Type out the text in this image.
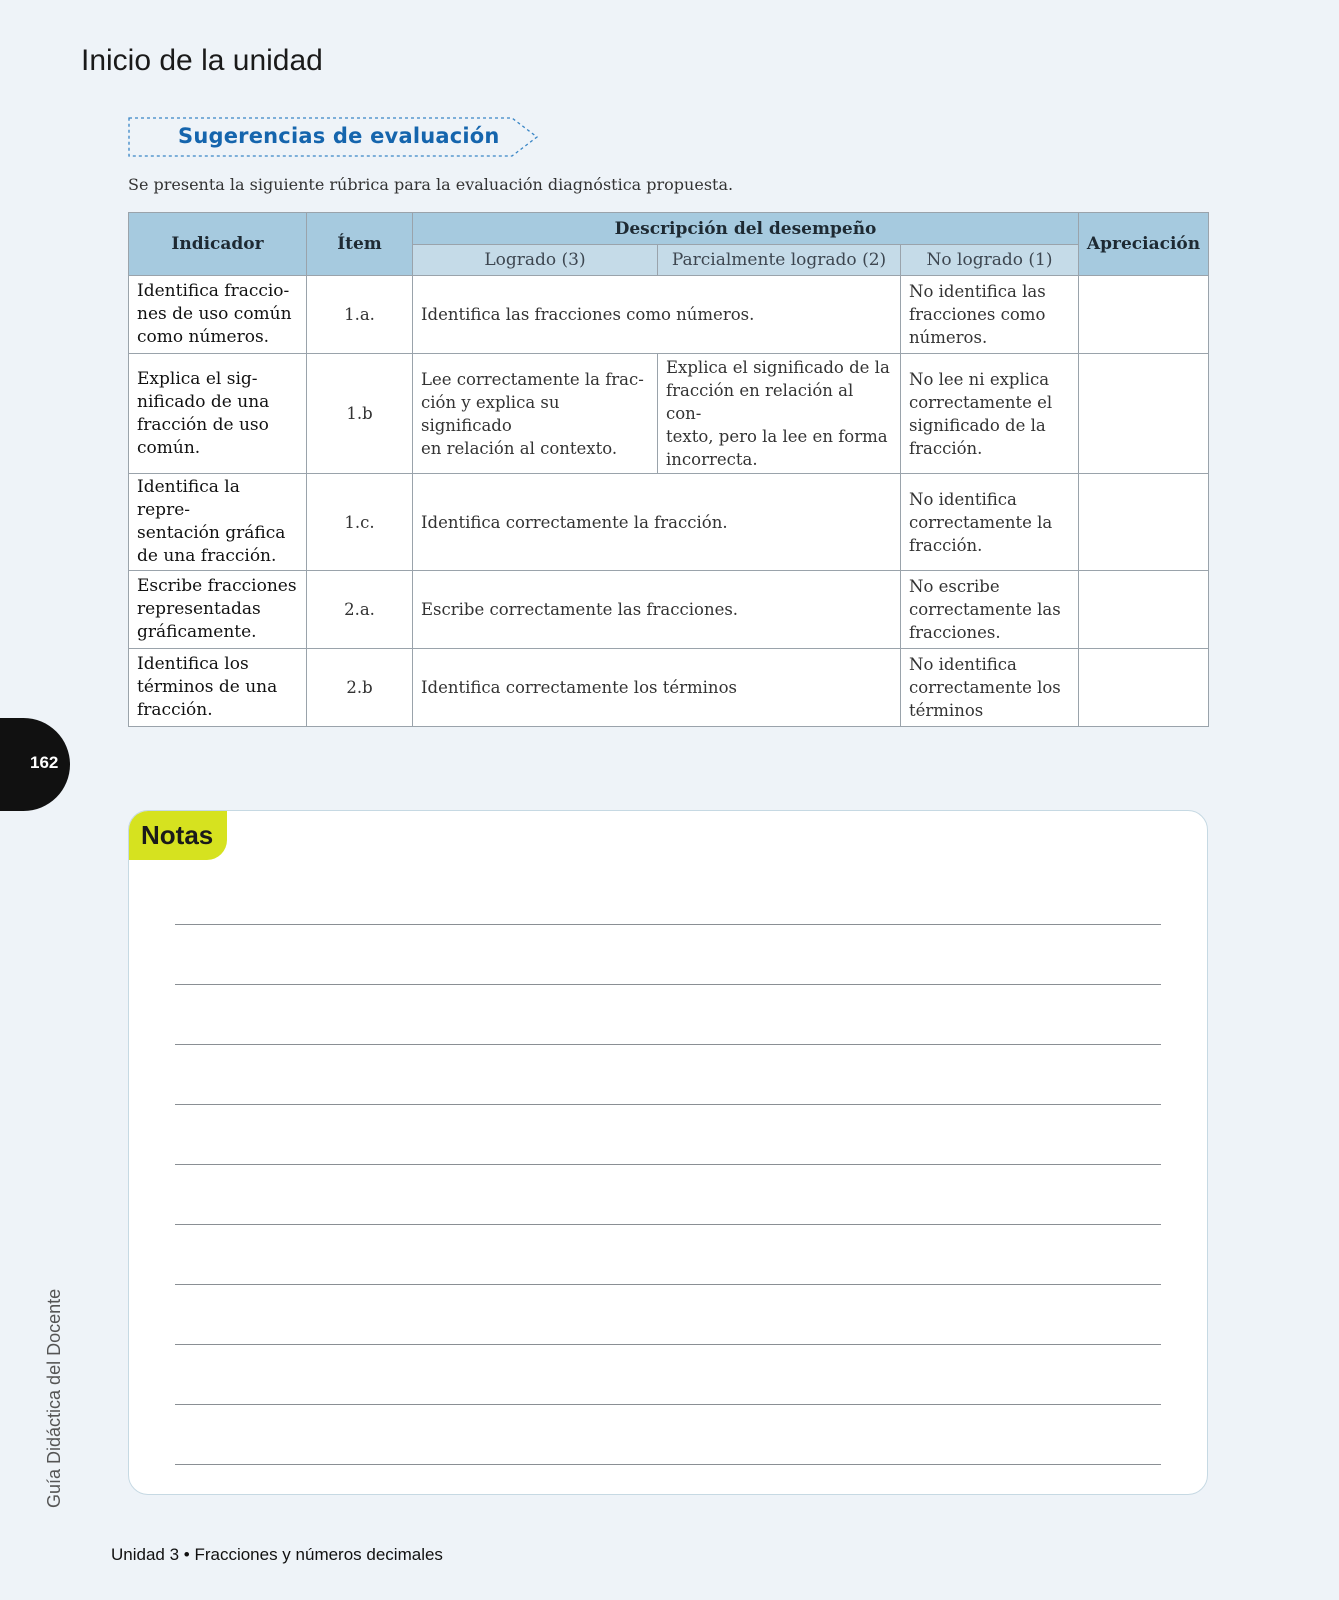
Inicio de la unidad
Sugerencias de evaluación
Se presenta la siguiente rúbrica para la evaluación diagnóstica propuesta.
Indicador	Ítem	Descripción del desempeño			Apreciación
		Logrado (3)	Parcialmente logrado (2)	No logrado (1)	
Identifica fraccio-
nes de uso común
como números.	1.a.	Identifica las fracciones como números.		No identifica las fracciones como
números.	
Explica el sig-
nificado de una
fracción de uso
común.	1.b	Lee correctamente la frac-
ción y explica su significado
en relación al contexto.	Explica el significado de la
fracción en relación al con-
texto, pero la lee en forma
incorrecta.	No lee ni explica
correctamente el
significado de la
fracción.	
Identifica la repre-
sentación gráfica
de una fracción.	1.c.	Identifica correctamente la fracción.		No identifica correctamente la
fracción.	
Escribe fracciones
representadas
gráficamente.	2.a.	Escribe correctamente las fracciones.		No escribe correctamente las
fracciones.	
Identifica los
términos de una
fracción.	2.b	Identifica correctamente los términos		No identifica correctamente los
términos	
162
Guía Didáctica del Docente
Notas
Unidad 3 • Fracciones y números decimales
